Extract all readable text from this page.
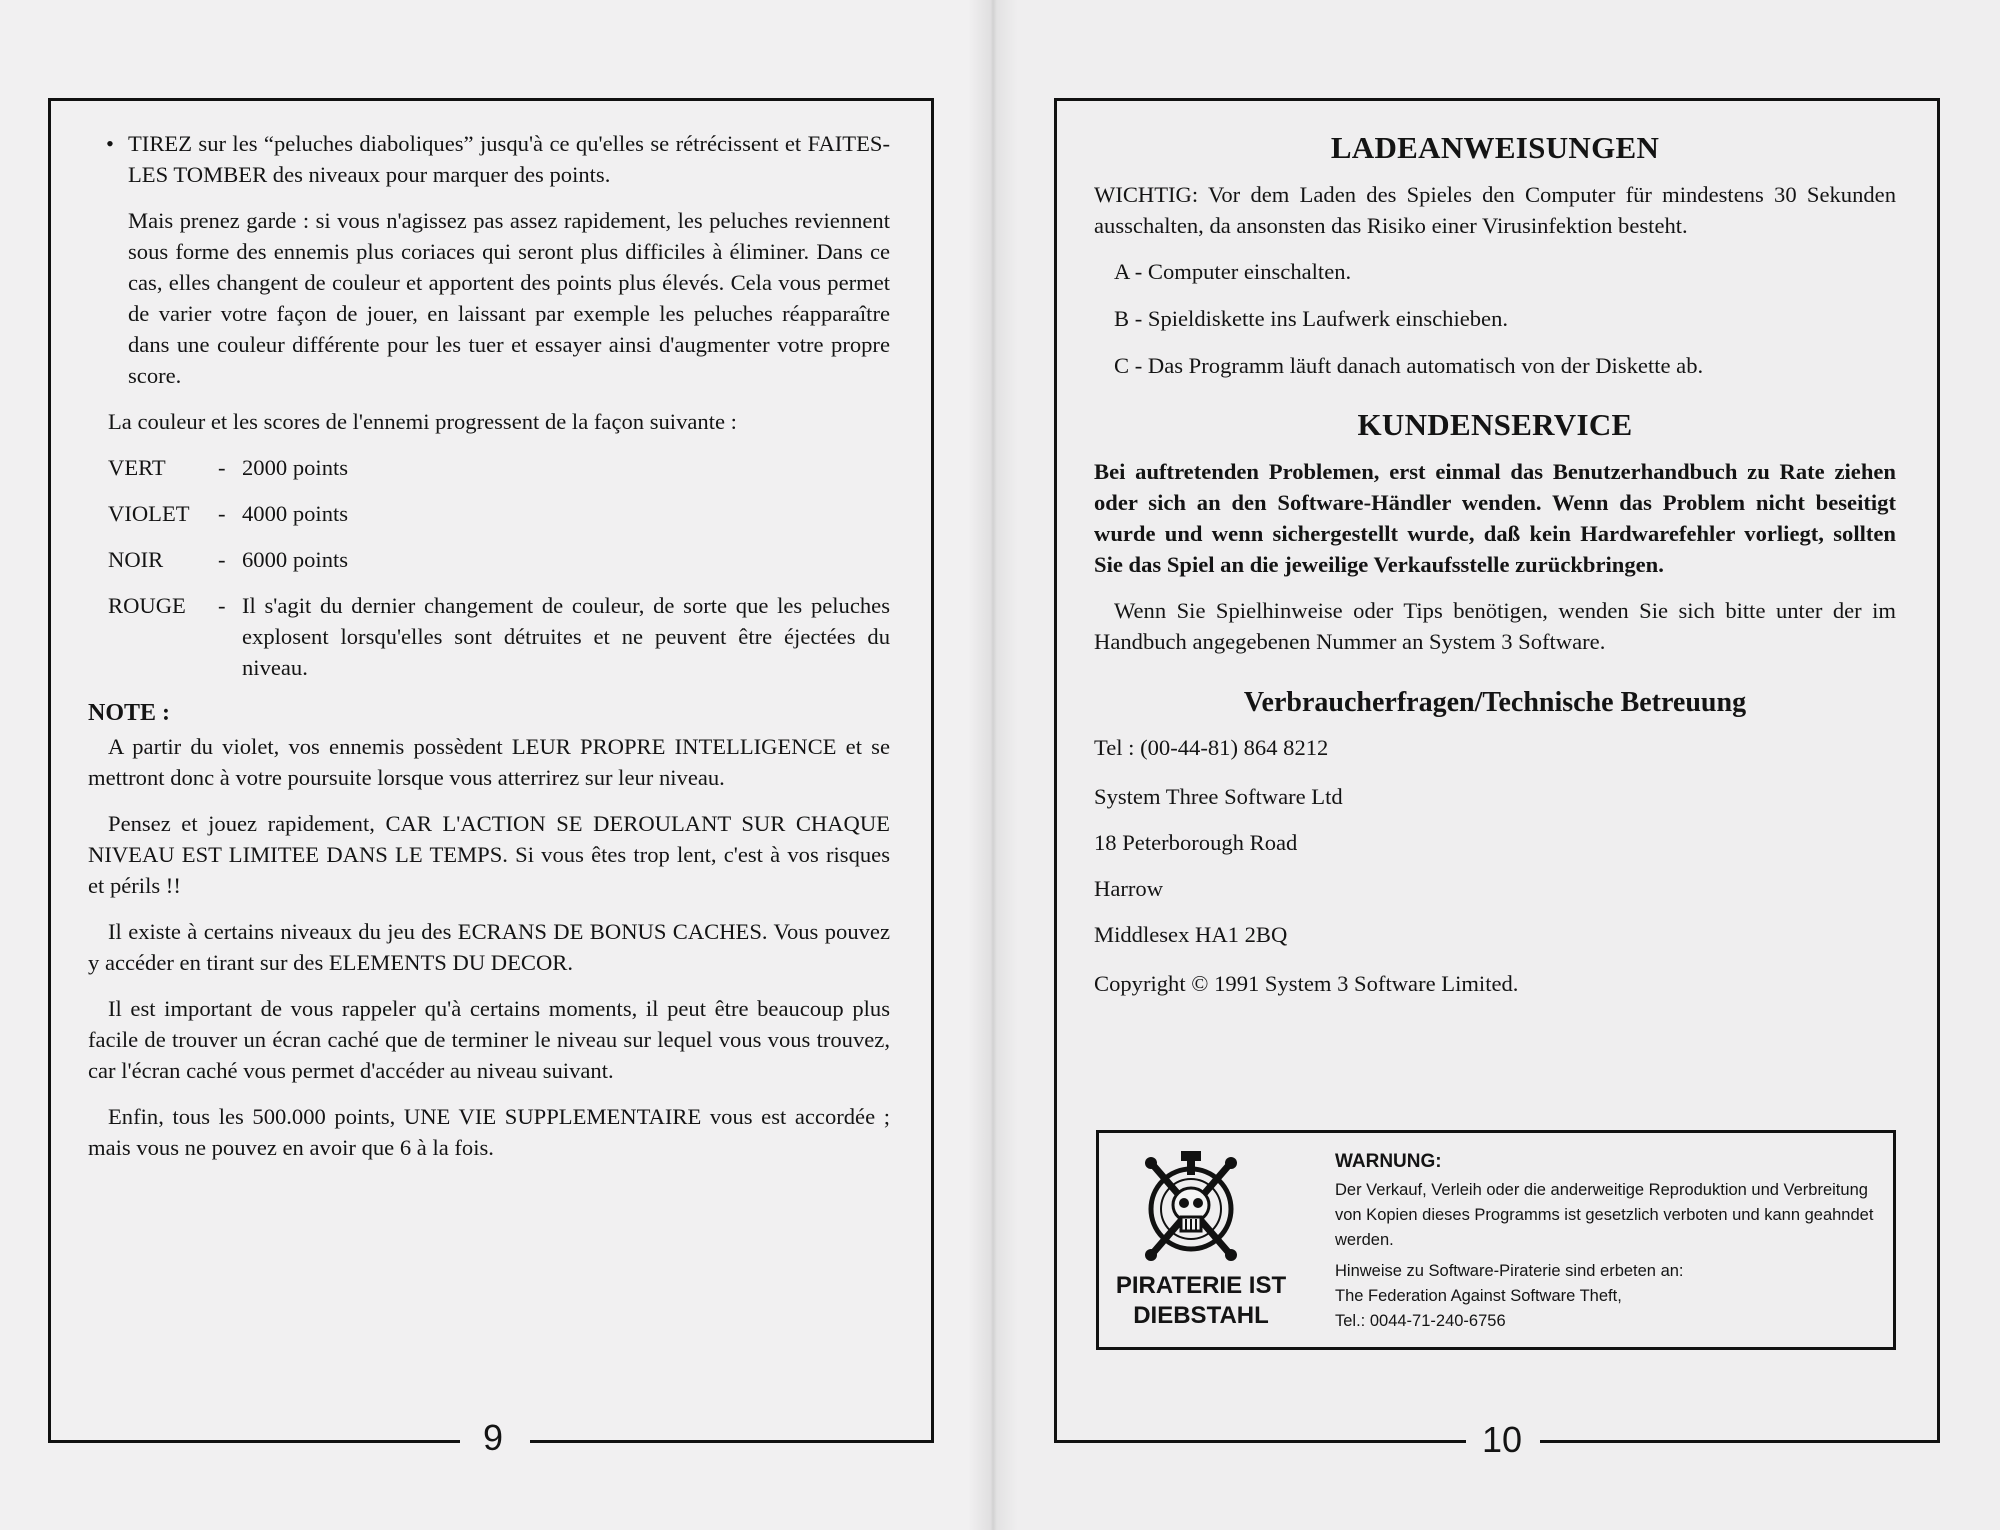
9
• TIREZ sur les “peluches diaboliques” jusqu'à ce qu'elles se rétrécissent et FAITES-LES TOMBER des niveaux pour marquer des points.

Mais prenez garde : si vous n'agissez pas assez rapidement, les peluches reviennent sous forme des ennemis plus coriaces qui seront plus difficiles à éliminer. Dans ce cas, elles changent de couleur et apportent des points plus élevés. Cela vous permet de varier votre façon de jouer, en laissant par exemple les peluches réapparaître dans une couleur différente pour les tuer et essayer ainsi d'augmenter votre propre score.

La couleur et les scores de l'ennemi progressent de la façon suivante :

VERT	- 2000 points
VIOLET	- 4000 points
NOIR	- 6000 points
ROUGE	- Il s'agit du dernier changement de couleur, de sorte que les peluches explosent lorsqu'elles sont détruites et ne peuvent être éjectées du niveau.
NOTE :

A partir du violet, vos ennemis possèdent LEUR PROPRE INTELLIGENCE et se mettront donc à votre poursuite lorsque vous atterrirez sur leur niveau.

Pensez et jouez rapidement, CAR L'ACTION SE DEROULANT SUR CHAQUE NIVEAU EST LIMITEE DANS LE TEMPS. Si vous êtes trop lent, c'est à vos risques et périls !!

Il existe à certains niveaux du jeu des ECRANS DE BONUS CACHES. Vous pouvez y accéder en tirant sur des ELEMENTS DU DECOR.

Il est important de vous rappeler qu'à certains moments, il peut être beaucoup plus facile de trouver un écran caché que de terminer le niveau sur lequel vous vous trouvez, car l'écran caché vous permet d'accéder au niveau suivant.

Enfin, tous les 500.000 points, UNE VIE SUPPLEMENTAIRE vous est accordée ; mais vous ne pouvez en avoir que 6 à la fois.

10
LADEANWEISUNGEN

WICHTIG: Vor dem Laden des Spieles den Computer für mindestens 30 Sekunden ausschalten, da ansonsten das Risiko einer Virusinfektion besteht.

A - Computer einschalten.
B - Spieldiskette ins Laufwerk einschieben.
C - Das Programm läuft danach automatisch von der Diskette ab.
KUNDENSERVICE

Bei auftretenden Problemen, erst einmal das Benutzerhandbuch zu Rate ziehen oder sich an den Software-Händler wenden. Wenn das Problem nicht beseitigt wurde und wenn sichergestellt wurde, daß kein Hardwarefehler vorliegt, sollten Sie das Spiel an die jeweilige Verkaufsstelle zurückbringen.

Wenn Sie Spielhinweise oder Tips benötigen, wenden Sie sich bitte unter der im Handbuch angegebenen Nummer an System 3 Software.

Verbraucherfragen/Technische Betreuung

Tel : (00-44-81) 864 8212

System Three Software Ltd

18 Peterborough Road

Harrow

Middlesex HA1 2BQ

Copyright © 1991 System 3 Software Limited.

PIRATERIE IST
DIEBSTAHL
WARNUNG:

Der Verkauf, Verleih oder die anderweitige Reproduktion und Verbreitung von Kopien dieses Programms ist gesetzlich verboten und kann geahndet werden.

Hinweise zu Software-Piraterie sind erbeten an:
The Federation Against Software Theft,
Tel.: 0044-71-240-6756
